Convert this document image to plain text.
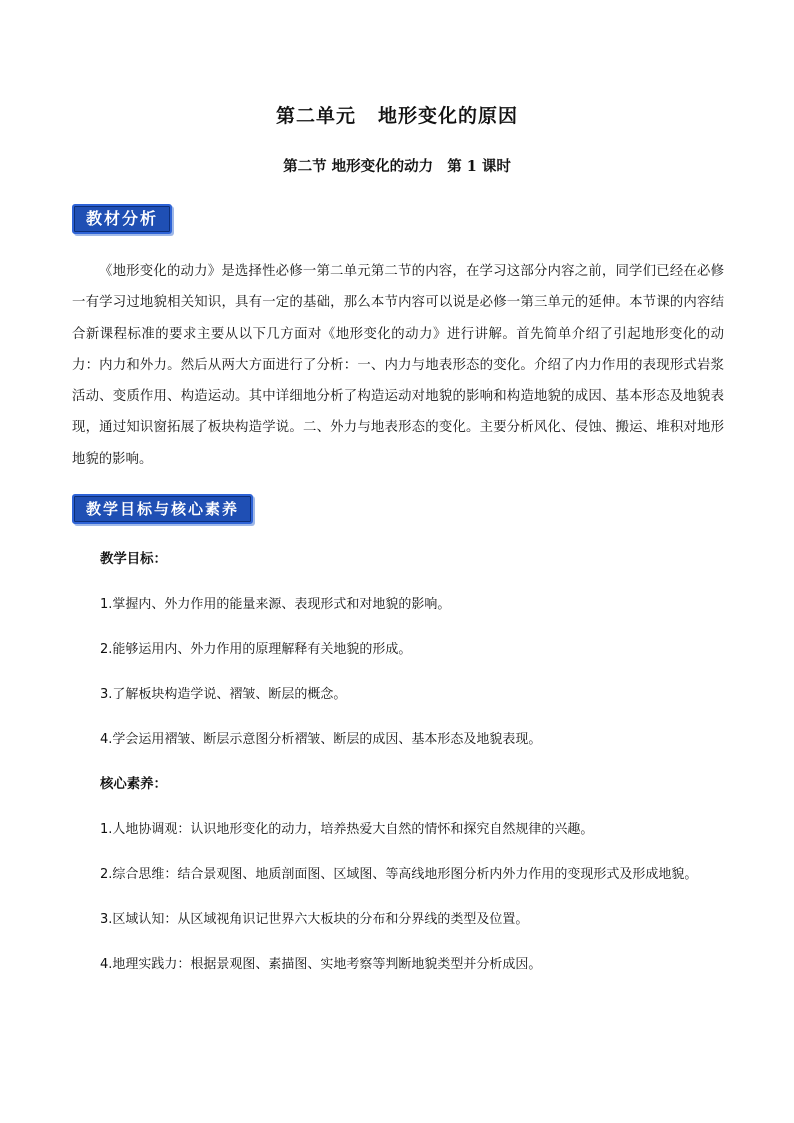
第二单元 地形变化的原因
第二节 地形变化的动力 第 1 课时
教材分析

《地形变化的动力》是选择性必修一第二单元第二节的内容，在学习这部分内容之前，同学们已经在必修一有学习过地貌相关知识，具有一定的基础，那么本节内容可以说是必修一第三单元的延伸。本节课的内容结合新课程标准的要求主要从以下几方面对《地形变化的动力》进行讲解。首先简单介绍了引起地形变化的动力：内力和外力。然后从两大方面进行了分析：一、内力与地表形态的变化。介绍了内力作用的表现形式岩浆活动、变质作用、构造运动。其中详细地分析了构造运动对地貌的影响和构造地貌的成因、基本形态及地貌表现，通过知识窗拓展了板块构造学说。二、外力与地表形态的变化。主要分析风化、侵蚀、搬运、堆积对地形地貌的影响。

教学目标与核心素养
教学目标：
1.掌握内、外力作用的能量来源、表现形式和对地貌的影响。
2.能够运用内、外力作用的原理解释有关地貌的形成。
3.了解板块构造学说、褶皱、断层的概念。
4.学会运用褶皱、断层示意图分析褶皱、断层的成因、基本形态及地貌表现。
核心素养：
1.人地协调观：认识地形变化的动力，培养热爱大自然的情怀和探究自然规律的兴趣。
2.综合思维：结合景观图、地质剖面图、区域图、等高线地形图分析内外力作用的变现形式及形成地貌。
3.区域认知：从区域视角识记世界六大板块的分布和分界线的类型及位置。
4.地理实践力：根据景观图、素描图、实地考察等判断地貌类型并分析成因。
